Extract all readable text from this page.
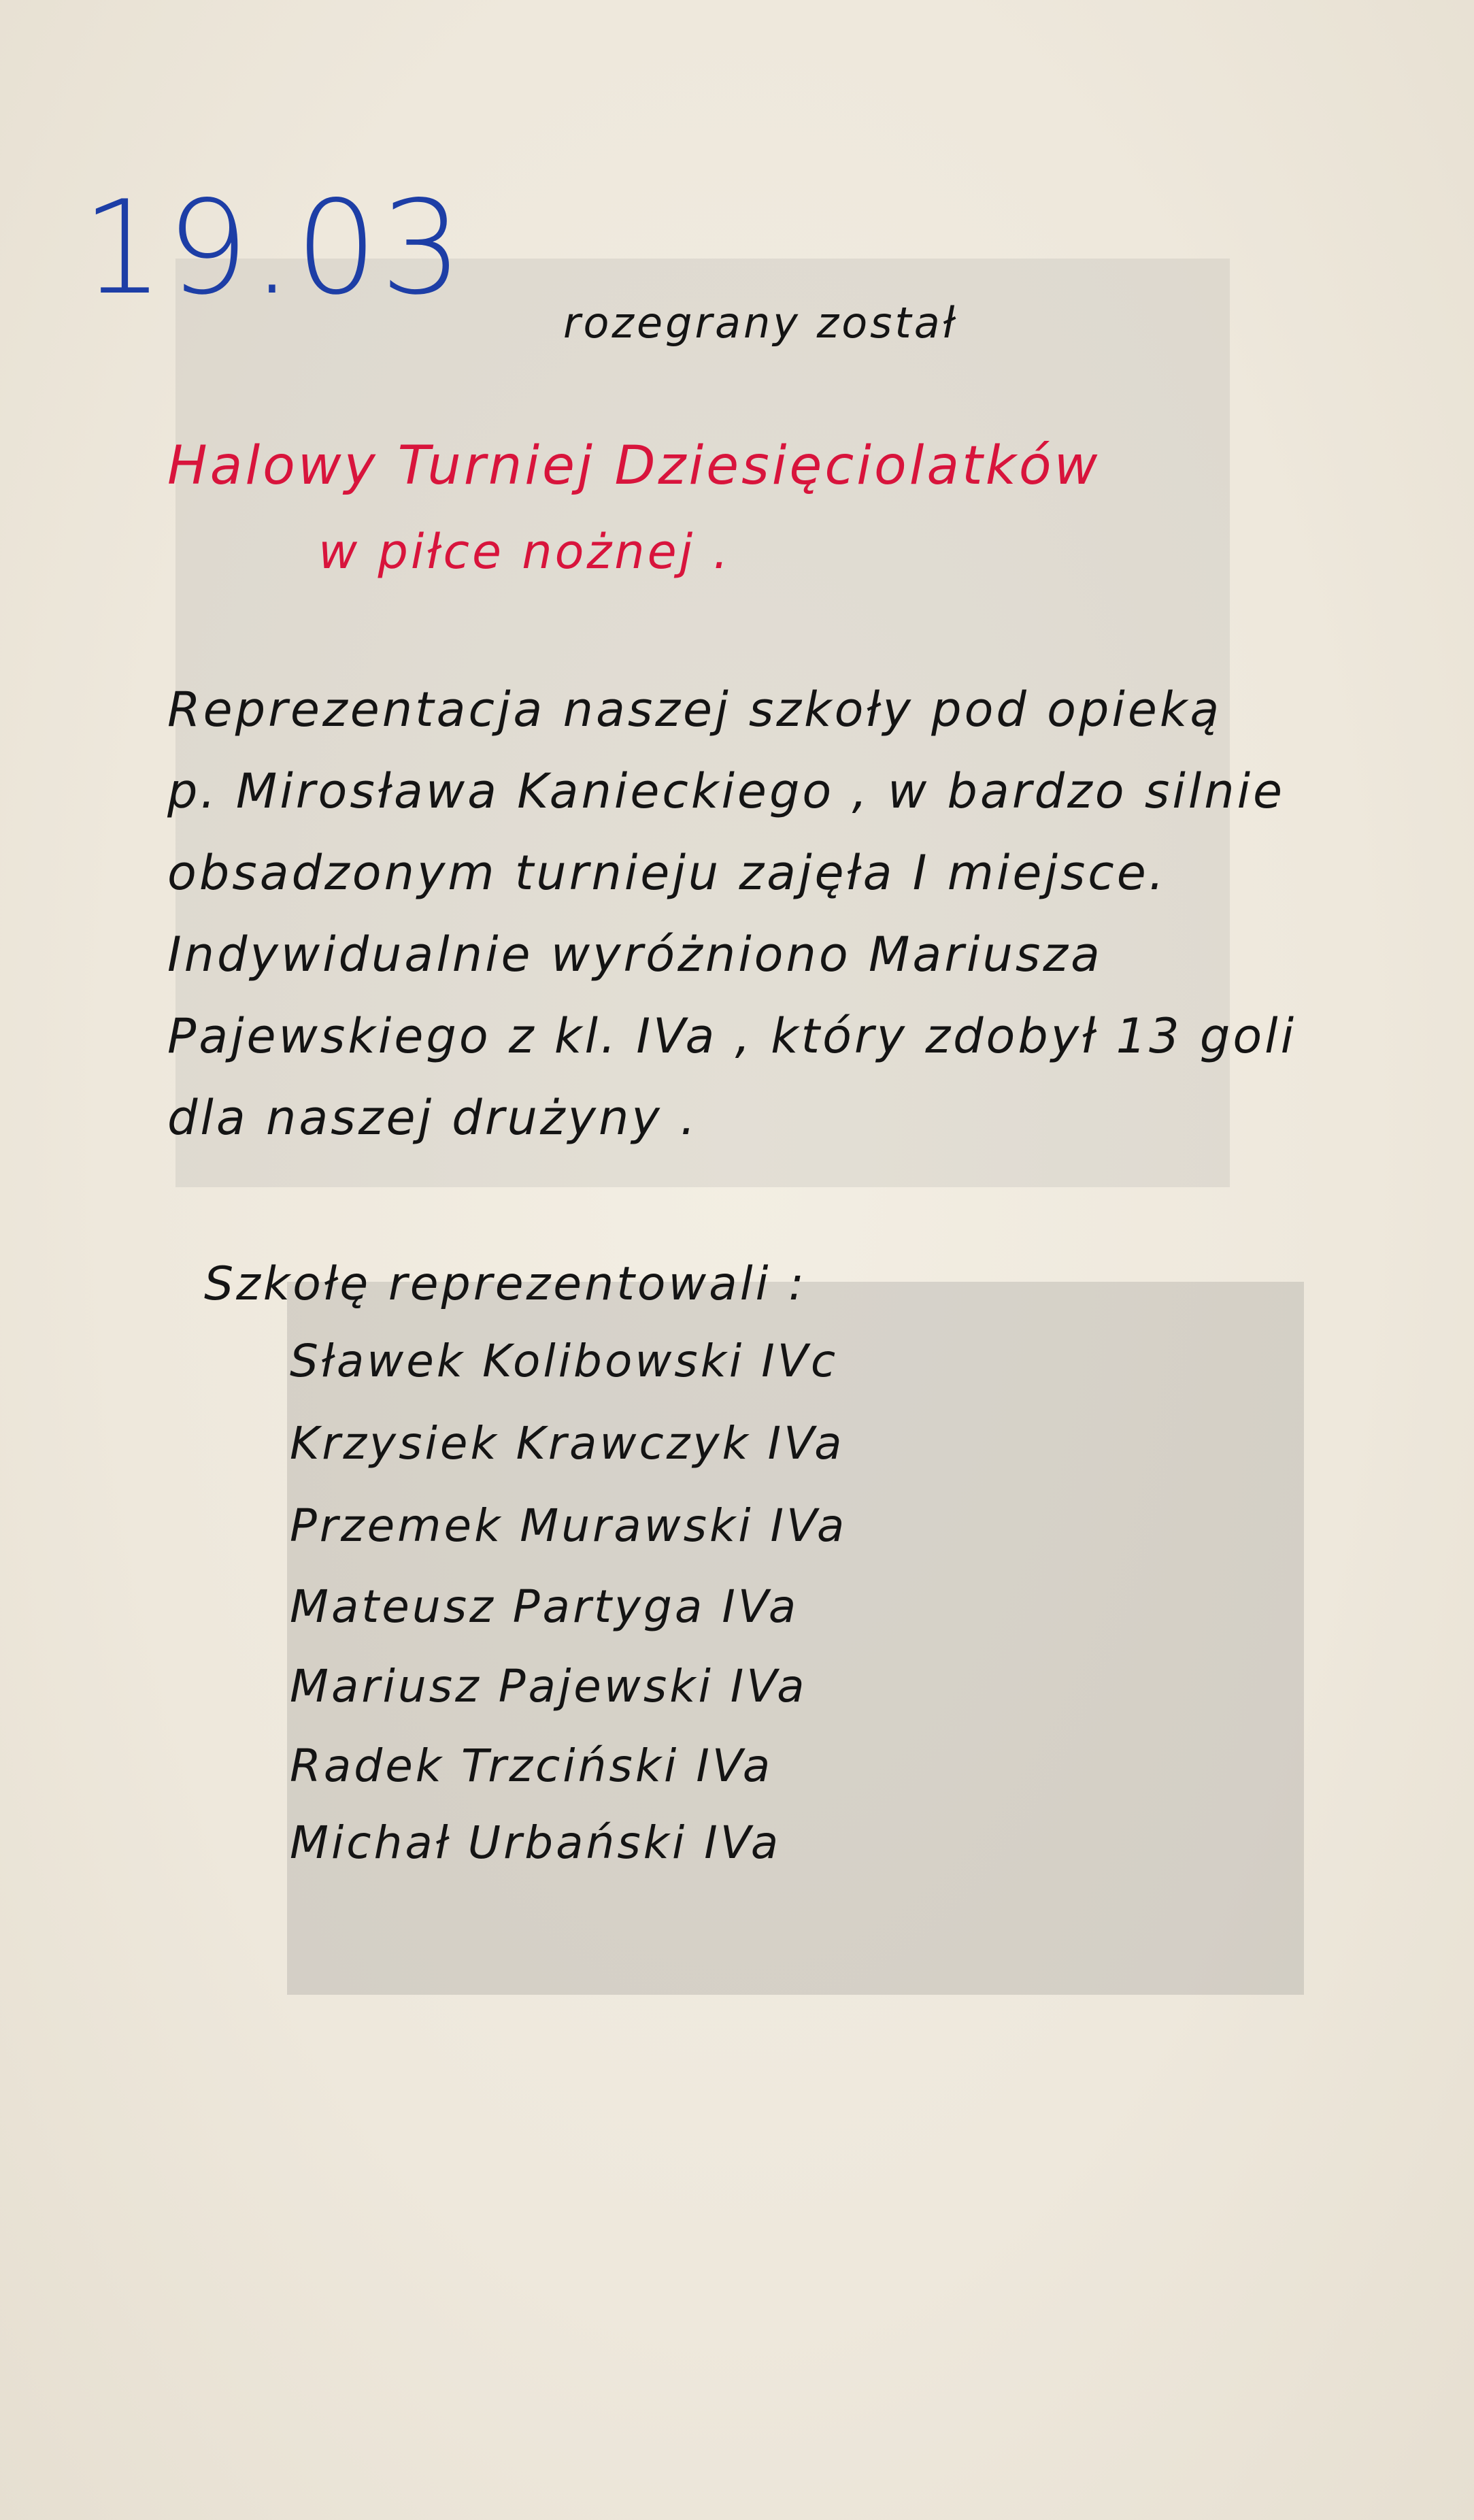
19.03 rozegrany został
Halowy Turniej Dziesięciolatków
w piłce nożnej .
Reprezentacja naszej szkoły pod opieką
p. Mirosława Kanieckiego , w bardzo silnie
obsadzonym turnieju zajęła I miejsce.
Indywidualnie wyróżniono Mariusza
Pajewskiego z kl. IVa , który zdobył 13 goli
dla naszej drużyny .
Szkołę reprezentowali :
Sławek Kolibowski IVc
Krzysiek Krawczyk IVa
Przemek Murawski IVa
Mateusz Partyga IVa
Mariusz Pajewski IVa
Radek Trzciński IVa
Michał Urbański IVa
